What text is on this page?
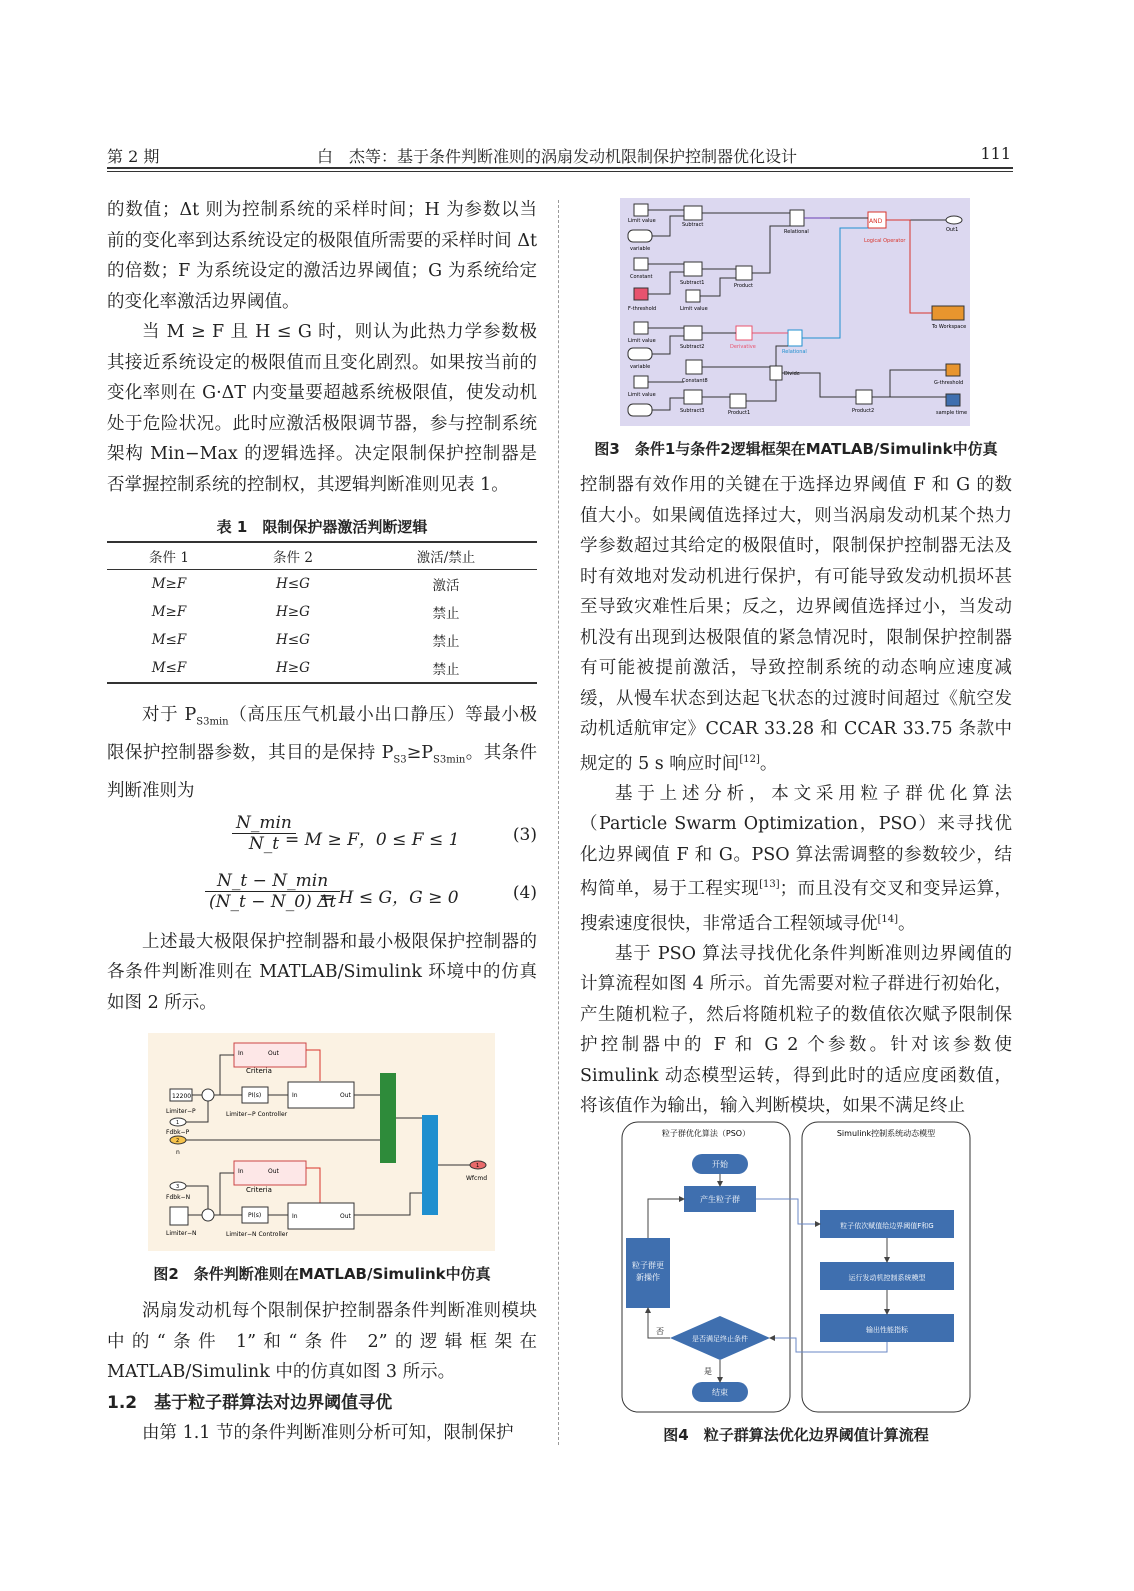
第 2 期	白　杰等：基于条件判断准则的涡扇发动机限制保护控制器优化设计	111

的数值；Δt 则为控制系统的采样时间；H 为参数以当前的变化率到达系统设定的极限值所需要的采样时间 Δt 的倍数；F 为系统设定的激活边界阈值；G 为系统给定的变化率激活边界阈值。

当 M ≥ F 且 H ≤ G 时，则认为此热力学参数极其接近系统设定的极限值而且变化剧烈。如果按当前的变化率则在 G·ΔT 内变量要超越系统极限值，使发动机处于危险状况。此时应激活极限调节器，参与控制系统架构 Min−Max 的逻辑选择。决定限制保护控制器是否掌握控制系统的控制权，其逻辑判断准则见表 1。

表 1　限制保护器激活判断逻辑
条件 1	条件 2	激活/禁止
M≥F	H≤G	激活
M≥F	H≥G	禁止
M≤F	H≤G	禁止
M≤F	H≥G	禁止

对于 $P_{S3min}$（高压压气机最小出口静压）等最小极限保护控制器参数，其目的是保持 $P_{S3}\ge P_{S3min}$。其条件判断准则为

N_min
N_t = M ≥ F，0 ≤ F ≤ 1	(3)
N_t − N_min
(N_t − N_0) Δt
= H ≤ G，G ≥ 0	(4)

上述最大极限保护控制器和最小极限保护控制器的各条件判断准则在 MATLAB/Simulink 环境中的仿真如图 2 所示。

In	Out
Criteria
12200
Limiter−P
PI(s)
Limiter−P Controller
In	Out
1
Fdbk−P
2
n
1
Wfcmd
In	Out
Criteria
3
Fdbk−N
Limiter−N
PI(s)
Limiter−N Controller
In	Out
图2　条件判断准则在MATLAB/Simulink中仿真

涡扇发动机每个限制保护控制器条件判断准则模块中的“条件 1”和“条件 2”的逻辑框架在 MATLAB/Simulink 中的仿真如图 3 所示。

1.2　基于粒子群算法对边界阈值寻优

由第 1.1 节的条件判断准则分析可知，限制保护

Limit value
variable
Subtract
Relational
AND
Logical Operator
Out1
Constant
Subtract1	Product
F-threshold	Limit value
To Workspace
Limit value
variable
Subtract2	Derivative
Relational
Divide
Constant8
Limit value
Subtract3	Product1	Product2
G-threshold
sample time
图3　条件1与条件2逻辑框架在MATLAB/Simulink中仿真

控制器有效作用的关键在于选择边界阈值 F 和 G 的数值大小。如果阈值选择过大，则当涡扇发动机某个热力学参数超过其给定的极限值时，限制保护控制器无法及时有效地对发动机进行保护，有可能导致发动机损坏甚至导致灾难性后果；反之，边界阈值选择过小，当发动机没有出现到达极限值的紧急情况时，限制保护控制器有可能被提前激活，导致控制系统的动态响应速度减缓，从慢车状态到达起飞状态的过渡时间超过《航空发动机适航审定》CCAR 33.28 和 CCAR 33.75 条款中规定的 5 s 响应时间[12]。

基于上述分析，本文采用粒子群优化算法（Particle Swarm Optimization，PSO）来寻找优化边界阈值 F 和 G。PSO 算法需调整的参数较少，结构简单，易于工程实现[13]；而且没有交叉和变异运算，搜索速度很快，非常适合工程领域寻优[14]。

基于 PSO 算法寻找优化条件判断准则边界阈值的计算流程如图 4 所示。首先需要对粒子群进行初始化，产生随机粒子，然后将随机粒子的数值依次赋予限制保护控制器中的 F 和 G 2 个参数。针对该参数使 Simulink 动态模型运转，得到此时的适应度函数值，将该值作为输出，输入判断模块，如果不满足终止

粒子群优化算法（PSO）	Simulink控制系统动态模型
开始
产生粒子群
粒子群更
新操作
粒子依次赋值给边界阈值F和G
运行发动机控制系统模型
输出性能指标
是否满足终止条件
结束
否
是
图4　粒子群算法优化边界阈值计算流程
